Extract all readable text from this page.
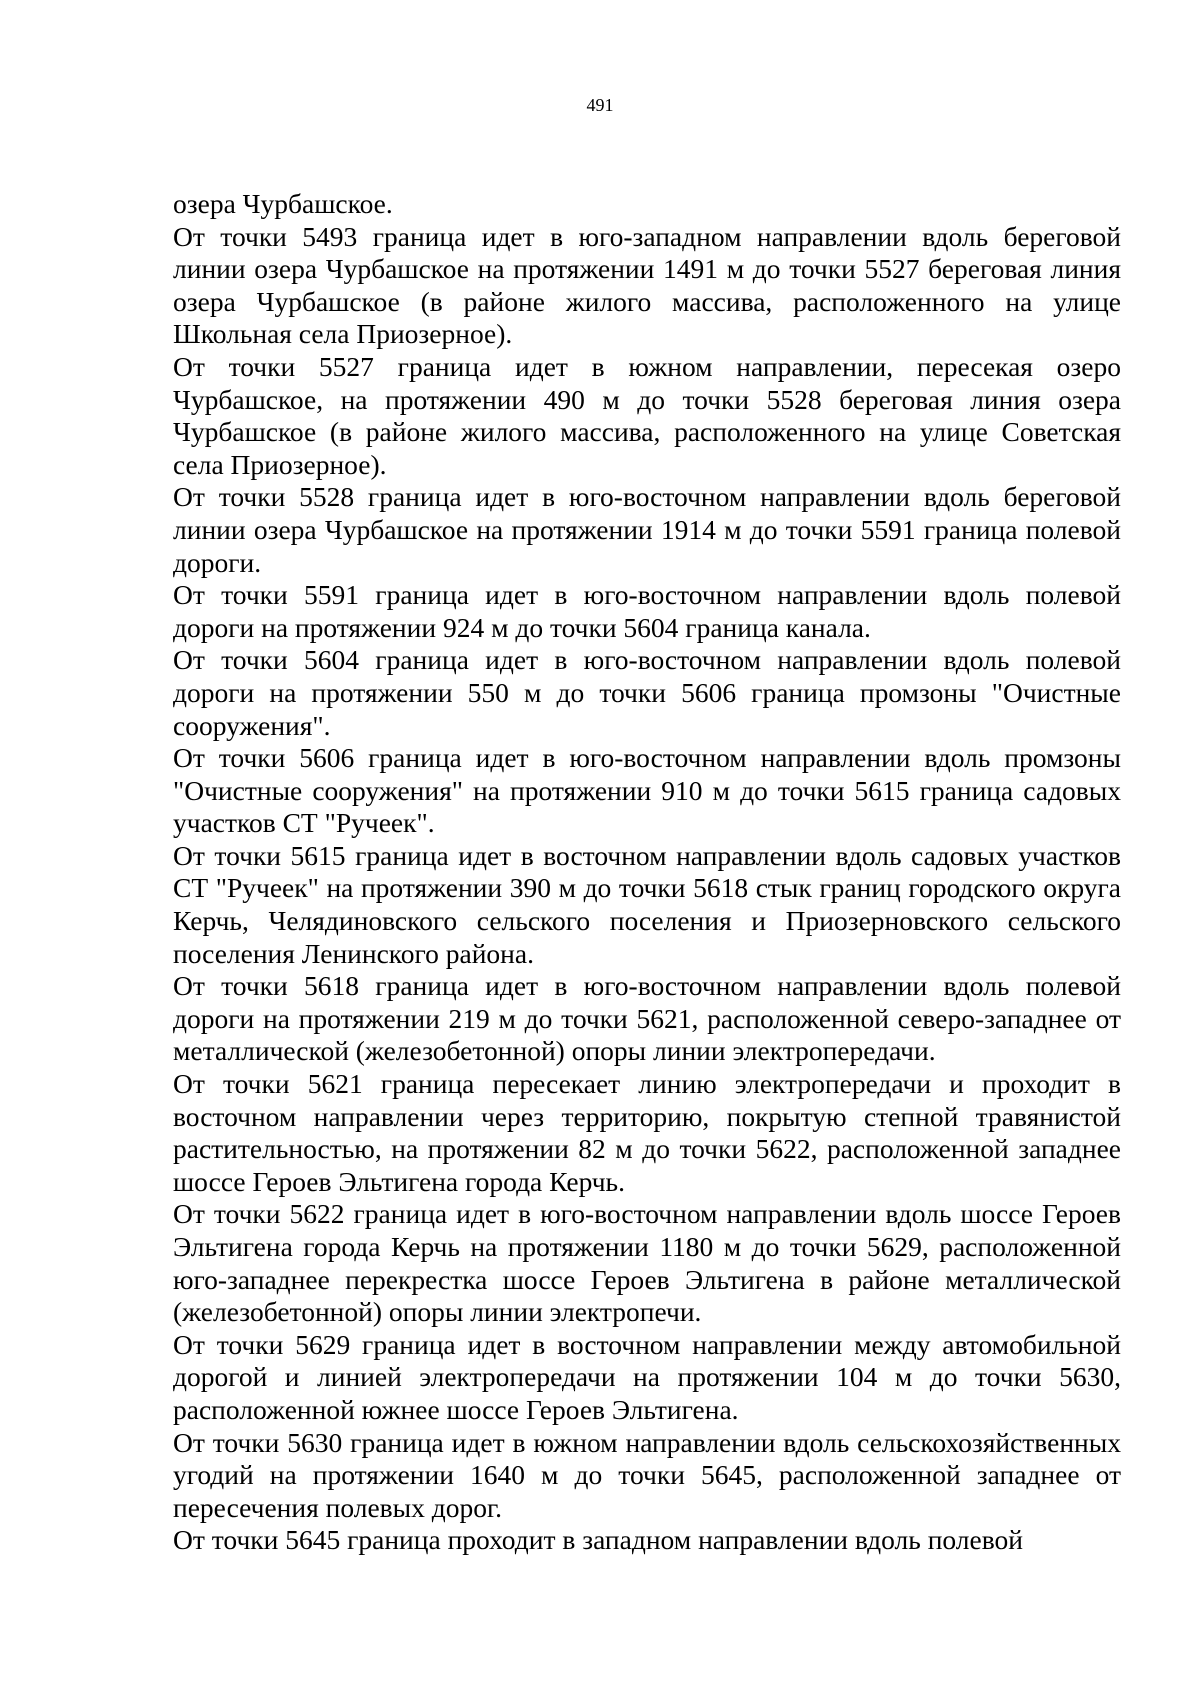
491

озера Чурбашское.

От точки 5493 граница идет в юго-западном направлении вдоль береговой линии озера Чурбашское на протяжении 1491 м до точки 5527 береговая линия озера Чурбашское (в районе жилого массива, расположенного на улице Школьная села Приозерное).

От точки 5527 граница идет в южном направлении, пересекая озеро Чурбашское, на протяжении 490 м до точки 5528 береговая линия озера Чурбашское (в районе жилого массива, расположенного на улице Советская села Приозерное).

От точки 5528 граница идет в юго-восточном направлении вдоль береговой линии озера Чурбашское на протяжении 1914 м до точки 5591 граница полевой дороги.

От точки 5591 граница идет в юго-восточном направлении вдоль полевой дороги на протяжении 924 м до точки 5604 граница канала.

От точки 5604 граница идет в юго-восточном направлении вдоль полевой дороги на протяжении 550 м до точки 5606 граница промзоны "Очистные сооружения".

От точки 5606 граница идет в юго-восточном направлении вдоль промзоны "Очистные сооружения" на протяжении 910 м до точки 5615 граница садовых участков СТ "Ручеек".

От точки 5615 граница идет в восточном направлении вдоль садовых участков СТ "Ручеек" на протяжении 390 м до точки 5618 стык границ городского округа Керчь, Челядиновского сельского поселения и Приозерновского сельского поселения Ленинского района.

От точки 5618 граница идет в юго-восточном направлении вдоль полевой дороги на протяжении 219 м до точки 5621, расположенной северо-западнее от металлической (железобетонной) опоры линии электропередачи.

От точки 5621 граница пересекает линию электропередачи и проходит в восточном направлении через территорию, покрытую степной травянистой растительностью, на протяжении 82 м до точки 5622, расположенной западнее шоссе Героев Эльтигена города Керчь.

От точки 5622 граница идет в юго-восточном направлении вдоль шоссе Героев Эльтигена города Керчь на протяжении 1180 м до точки 5629, расположенной юго-западнее перекрестка шоссе Героев Эльтигена в районе металлической (железобетонной) опоры линии электропечи.

От точки 5629 граница идет в восточном направлении между автомобильной дорогой и линией электропередачи на протяжении 104 м до точки 5630, расположенной южнее шоссе Героев Эльтигена.

От точки 5630 граница идет в южном направлении вдоль сельскохозяйственных угодий на протяжении 1640 м до точки 5645, расположенной западнее от пересечения полевых дорог.

От точки 5645 граница проходит в западном направлении вдоль полевой
